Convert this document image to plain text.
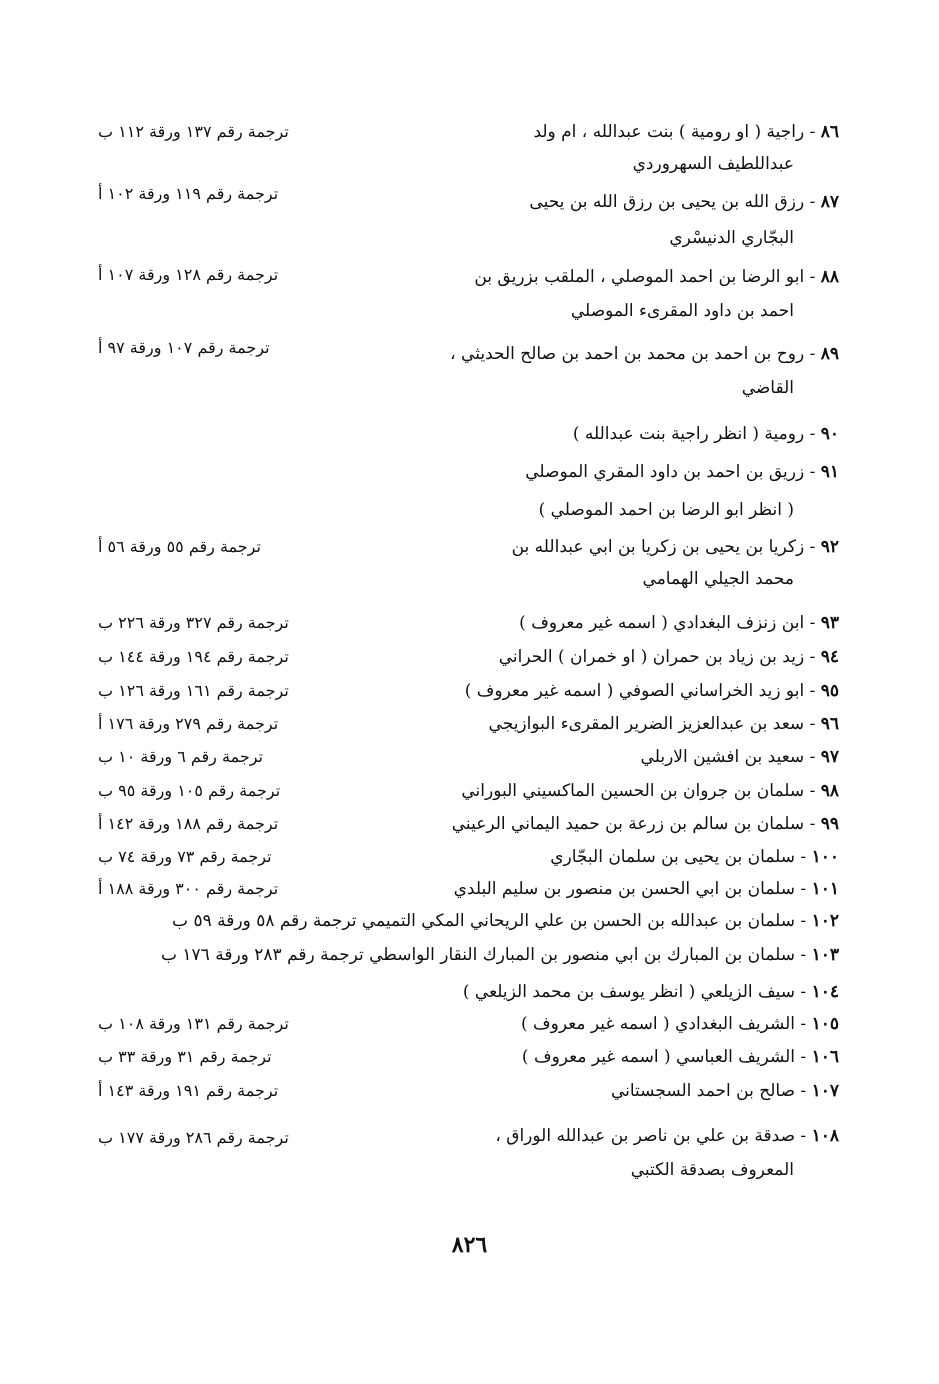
٨٦ - راجية ( او رومية ) بنت عبدالله ، ام ولد
عبداللطيف السهروردي
ترجمة رقم ١٣٧ ورقة ١١٢ ب
٨٧ - رزق الله بن يحيى بن رزق الله بن يحيى
البجّاري الدنيسْري
ترجمة رقم ١١٩ ورقة ١٠٢ أ
٨٨ - ابو الرضا بن احمد الموصلي ، الملقب بزريق بن
احمد بن داود المقرىء الموصلي
ترجمة رقم ١٢٨ ورقة ١٠٧ أ
٨٩ - روح بن احمد بن محمد بن احمد بن صالح الحديثي ،
القاضي
ترجمة رقم ١٠٧ ورقة ٩٧ أ
٩٠ - رومية ( انظر راجية بنت عبدالله )
٩١ - زريق بن احمد بن داود المقري الموصلي
( انظر ابو الرضا بن احمد الموصلي )
٩٢ - زكريا بن يحيى بن زكريا بن ابي عبدالله بن
محمد الجيلي الهمامي
ترجمة رقم ٥٥ ورقة ٥٦ أ
٩٣ - ابن زنزف البغدادي ( اسمه غير معروف )
ترجمة رقم ٣٢٧ ورقة ٢٢٦ ب
٩٤ - زيد بن زياد بن حمران ( او خمران ) الحراني
ترجمة رقم ١٩٤ ورقة ١٤٤ ب
٩٥ - ابو زيد الخراساني الصوفي ( اسمه غير معروف )
ترجمة رقم ١٦١ ورقة ١٢٦ ب
٩٦ - سعد بن عبدالعزيز الضرير المقرىء البوازيجي
ترجمة رقم ٢٧٩ ورقة ١٧٦ أ
٩٧ - سعيد بن افشين الاربلي
ترجمة رقم ٦ ورقة ١٠ ب
٩٨ - سلمان بن جروان بن الحسين الماكسيني البوراني
ترجمة رقم ١٠٥ ورقة ٩٥ ب
٩٩ - سلمان بن سالم بن زرعة بن حميد اليماني الرعيني
ترجمة رقم ١٨٨ ورقة ١٤٢ أ
١٠٠ - سلمان بن يحيى بن سلمان البجّاري
ترجمة رقم ٧٣ ورقة ٧٤ ب
١٠١ - سلمان بن ابي الحسن بن منصور بن سليم البلدي
ترجمة رقم ٣٠٠ ورقة ١٨٨ أ
١٠٢ - سلمان بن عبدالله بن الحسن بن علي الريحاني المكي التميمي ترجمة رقم ٥٨ ورقة ٥٩ ب
١٠٣ - سلمان بن المبارك بن ابي منصور بن المبارك النقار الواسطي ترجمة رقم ٢٨٣ ورقة ١٧٦ ب
١٠٤ - سيف الزيلعي ( انظر يوسف بن محمد الزيلعي )
١٠٥ - الشريف البغدادي ( اسمه غير معروف )
ترجمة رقم ١٣١ ورقة ١٠٨ ب
١٠٦ - الشريف العباسي ( اسمه غير معروف )
ترجمة رقم ٣١ ورقة ٣٣ ب
١٠٧ - صالح بن احمد السجستاني
ترجمة رقم ١٩١ ورقة ١٤٣ أ
١٠٨ - صدقة بن علي بن ناصر بن عبدالله الوراق ،
المعروف بصدقة الكتبي
ترجمة رقم ٢٨٦ ورقة ١٧٧ ب
٨٢٦
